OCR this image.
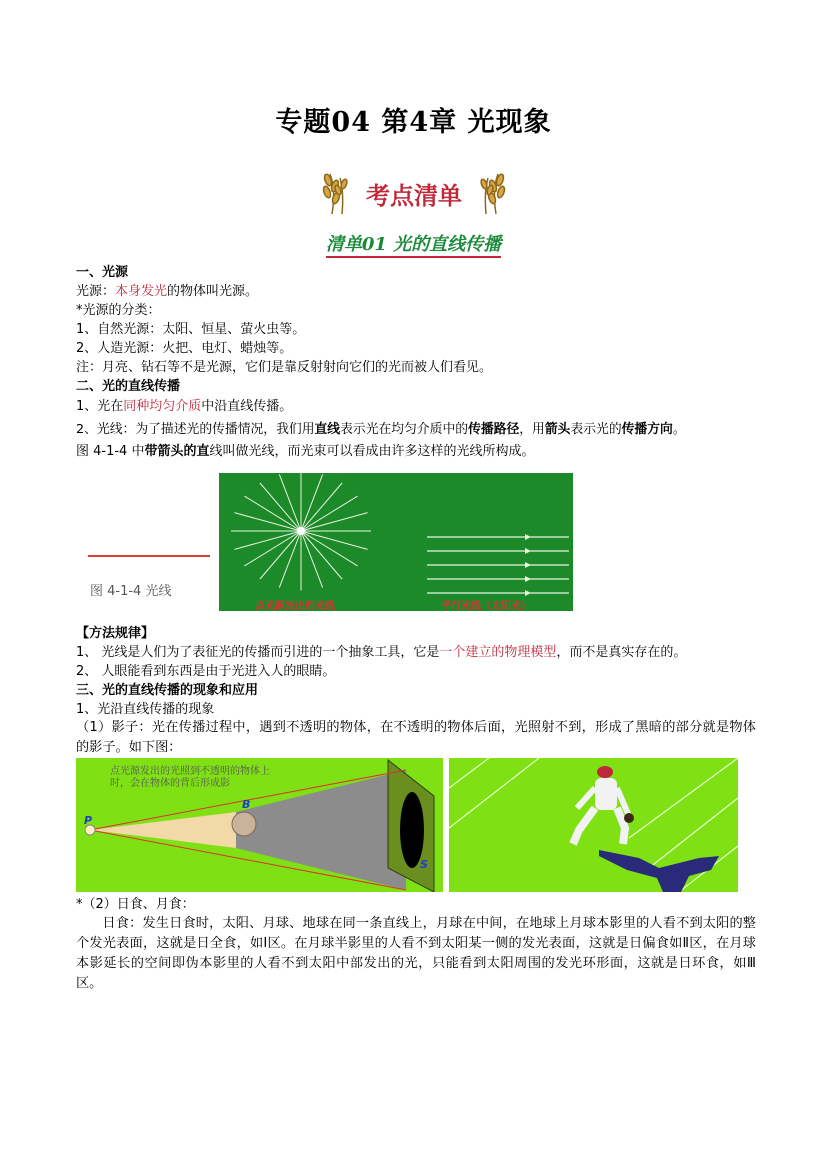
专题04 第4章 光现象
考点清单
清单01 光的直线传播
一、光源
光源：本身发光的物体叫光源。
*光源的分类：
1、自然光源：太阳、恒星、萤火虫等。
2、人造光源：火把、电灯、蜡烛等。
注：月亮、钻石等不是光源，它们是靠反射射向它们的光而被人们看见。
二、光的直线传播
1、光在同种均匀介质中沿直线传播。
2、光线：为了描述光的传播情况，我们用直线表示光在均匀介质中的传播路径，用箭头表示光的传播方向。
图 4-1-4 中带箭头的直线叫做光线，而光束可以看成由许多这样的光线所构成。
图 4-1-4 光线
点光源发出的光线	平行光线（太阳光）
【方法规律】
1、 光线是人们为了表征光的传播而引进的一个抽象工具，它是一个建立的物理模型，而不是真实存在的。
2、 人眼能看到东西是由于光进入人的眼睛。
三、光的直线传播的现象和应用
1、光沿直线传播的现象
（1）影子：光在传播过程中，遇到不透明的物体，在不透明的物体后面，光照射不到，形成了黑暗的部分就是物体的影子。如下图：
点光源发出的光照到不透明的物体上时，会在物体的背后形成影
P
B
S
*（2）日食、月食：
日食：发生日食时，太阳、月球、地球在同一条直线上，月球在中间，在地球上月球本影里的人看不到太阳的整个发光表面，这就是日全食，如Ⅰ区。在月球半影里的人看不到太阳某一侧的发光表面，这就是日偏食如Ⅱ区，在月球本影延长的空间即伪本影里的人看不到太阳中部发出的光，只能看到太阳周围的发光环形面，这就是日环食，如Ⅲ区。
